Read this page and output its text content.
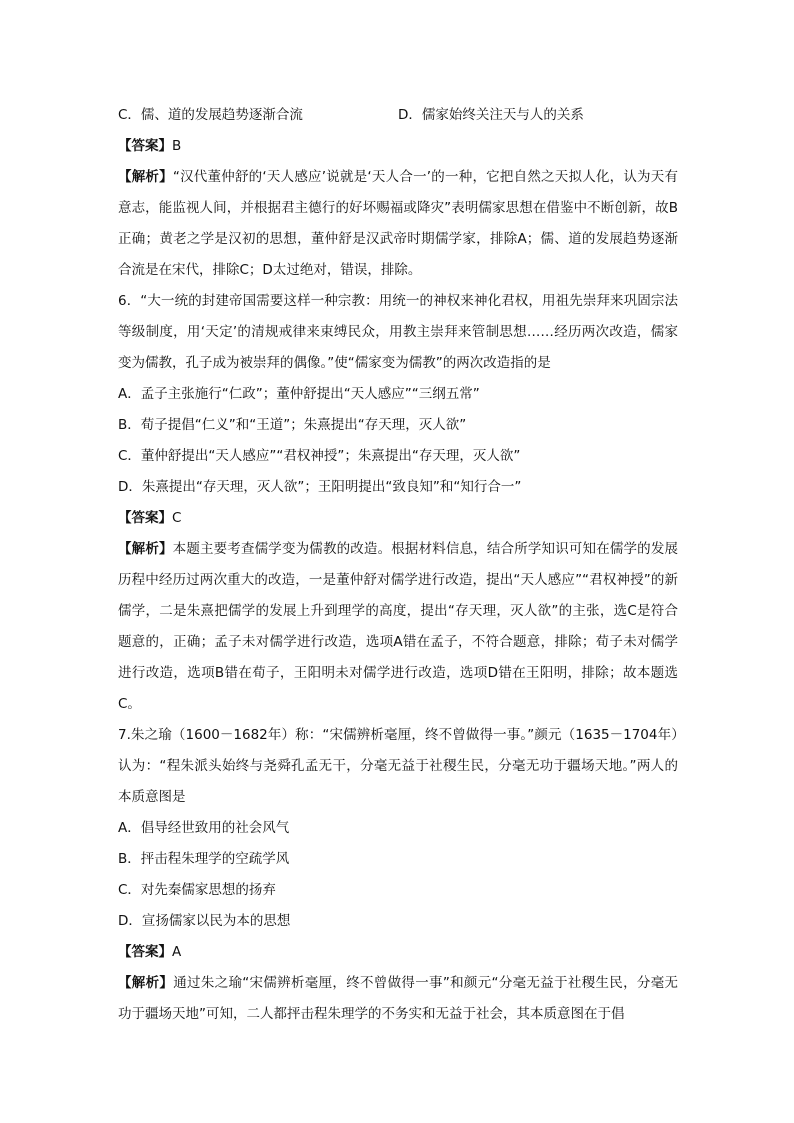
C．儒、道的发展趋势逐渐合流	D．儒家始终关注天与人的关系
【答案】B
【解析】“汉代董仲舒的‘天人感应’说就是‘天人合一’的一种，它把自然之天拟人化，认为天有意志，能监视人间，并根据君主德行的好坏赐福或降灾”表明儒家思想在借鉴中不断创新，故B正确；黄老之学是汉初的思想，董仲舒是汉武帝时期儒学家，排除A；儒、道的发展趋势逐渐合流是在宋代，排除C；D太过绝对，错误，排除。
6．“大一统的封建帝国需要这样一种宗教：用统一的神权来神化君权，用祖先崇拜来巩固宗法等级制度，用‘天定’的清规戒律来束缚民众，用教主崇拜来管制思想……经历两次改造，儒家变为儒教，孔子成为被崇拜的偶像。”使“儒家变为儒教”的两次改造指的是
A．孟子主张施行“仁政”；董仲舒提出“天人感应”“三纲五常”
B．荀子提倡“仁义”和“王道”；朱熹提出“存天理，灭人欲”
C．董仲舒提出“天人感应”“君权神授”；朱熹提出“存天理，灭人欲”
D．朱熹提出“存天理，灭人欲”；王阳明提出“致良知”和“知行合一”
【答案】C
【解析】本题主要考查儒学变为儒教的改造。根据材料信息，结合所学知识可知在儒学的发展历程中经历过两次重大的改造，一是董仲舒对儒学进行改造，提出“天人感应”“君权神授”的新儒学，二是朱熹把儒学的发展上升到理学的高度，提出“存天理，灭人欲”的主张，选C是符合题意的，正确；孟子未对儒学进行改造，选项A错在孟子，不符合题意，排除；荀子未对儒学进行改造，选项B错在荀子，王阳明未对儒学进行改造，选项D错在王阳明，排除；故本题选C。
7.朱之瑜（1600－1682年）称：“宋儒辨析毫厘，终不曾做得一事。”颜元（1635－1704年）认为：“程朱派头始终与尧舜孔孟无干，分毫无益于社稷生民，分毫无功于疆场天地。”两人的本质意图是
A．倡导经世致用的社会风气
B．抨击程朱理学的空疏学风
C．对先秦儒家思想的扬弃
D．宣扬儒家以民为本的思想
【答案】A
【解析】通过朱之瑜“宋儒辨析毫厘，终不曾做得一事”和颜元“分毫无益于社稷生民，分毫无功于疆场天地”可知，二人都抨击程朱理学的不务实和无益于社会，其本质意图在于倡
